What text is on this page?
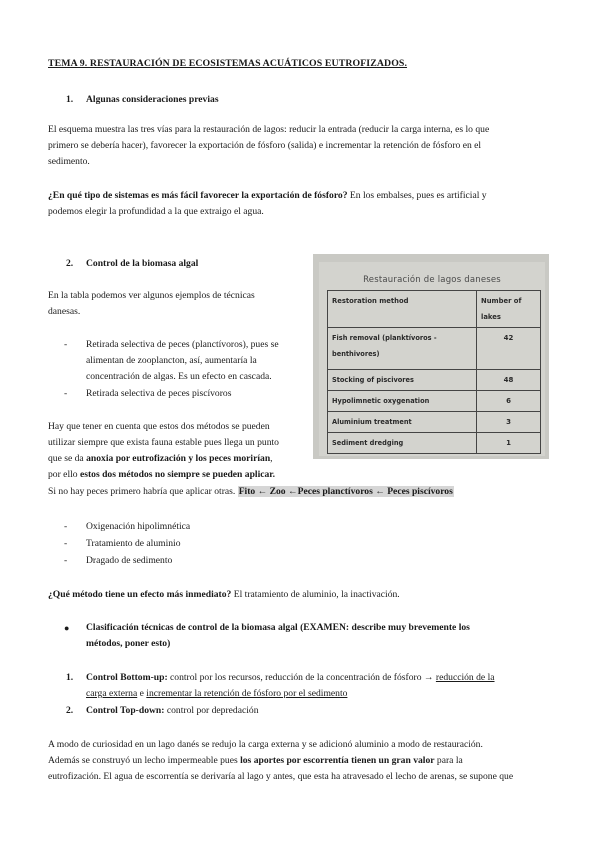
TEMA 9. RESTAURACIÓN DE ECOSISTEMAS ACUÁTICOS EUTROFIZADOS.
1. Algunas consideraciones previas
El esquema muestra las tres vías para la restauración de lagos: reducir la entrada (reducir la carga interna, es lo que
primero se debería hacer), favorecer la exportación de fósforo (salida) e incrementar la retención de fósforo en el
sedimento.
¿En qué tipo de sistemas es más fácil favorecer la exportación de fósforo? En los embalses, pues es artificial y
podemos elegir la profundidad a la que extraigo el agua.
2. Control de la biomasa algal
En la tabla podemos ver algunos ejemplos de técnicas
danesas.
- Retirada selectiva de peces (planctívoros), pues se
alimentan de zooplancton, así, aumentaría la
concentración de algas. Es un efecto en cascada.
- Retirada selectiva de peces piscívoros
Hay que tener en cuenta que estos dos métodos se pueden
utilizar siempre que exista fauna estable pues llega un punto
que se da anoxia por eutrofización y los peces morirían,
por ello estos dos métodos no siempre se pueden aplicar.
Si no hay peces primero habría que aplicar otras. Fito ← Zoo ←Peces planctívoros ← Peces piscívoros
- Oxigenación hipolimnética
- Tratamiento de aluminio
- Dragado de sedimento
¿Qué método tiene un efecto más inmediato? El tratamiento de aluminio, la inactivación.
● Clasificación técnicas de control de la biomasa algal (EXAMEN: describe muy brevemente los
métodos, poner esto)
1. Control Bottom-up: control por los recursos, reducción de la concentración de fósforo → reducción de la
carga externa e incrementar la retención de fósforo por el sedimento
2. Control Top-down: control por depredación
A modo de curiosidad en un lago danés se redujo la carga externa y se adicionó aluminio a modo de restauración.
Además se construyó un lecho impermeable pues los aportes por escorrentía tienen un gran valor para la
eutrofización. El agua de escorrentía se derivaría al lago y antes, que esta ha atravesado el lecho de arenas, se supone que
Restauración de lagos daneses
Restoration method	Number of lakes
Fish removal (planktívoros - benthivores)	42
Stocking of piscivores	48
Hypolimnetic oxygenation	6
Aluminium treatment	3
Sediment dredging	1
